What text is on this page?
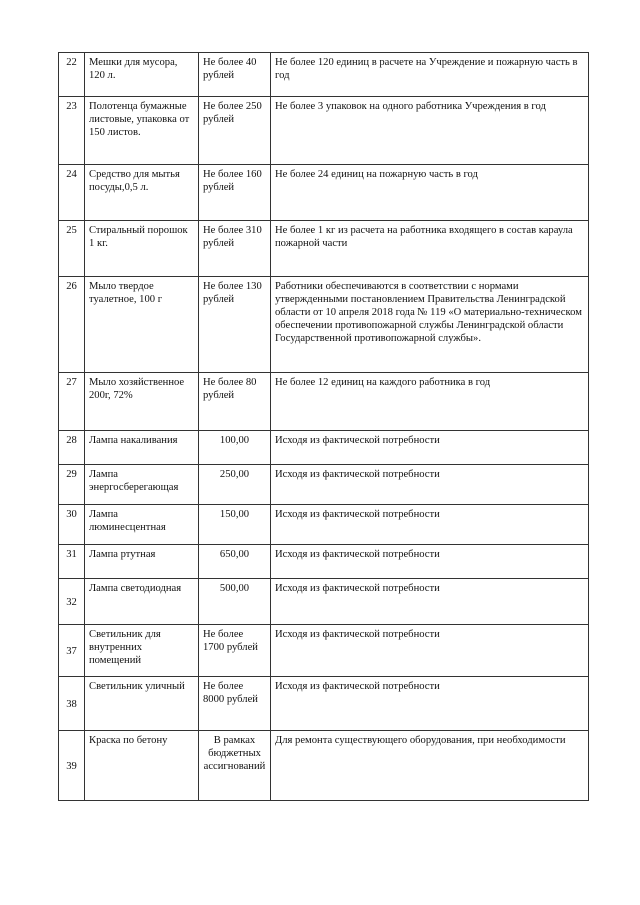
22	Мешки для мусора, 120 л.	Не более 40 рублей	Не более 120 единиц в расчете на Учреждение и пожарную часть в год
23	Полотенца бумажные листовые, упаковка от 150 листов.	Не более 250 рублей	Не более 3 упаковок на одного работника Учреждения в год
24	Средство для мытья посуды,0,5 л.	Не более 160 рублей	Не более 24 единиц на пожарную часть в год
25	Стиральный порошок 1 кг.	Не более 310 рублей	Не более 1 кг из расчета на работника входящего в состав караула пожарной части
26	Мыло твердое туалетное, 100 г	Не более 130 рублей	Работники обеспечиваются в соответствии с нормами утвержденными постановлением Правительства Ленинградской области от 10 апреля 2018 года № 119 «О материально-техническом обеспечении противопожарной службы Ленинградской области Государственной противопожарной службы».
27	Мыло хозяйственное 200г, 72%	Не более 80 рублей	Не более 12 единиц на каждого работника в год
28	Лампа накаливания	100,00	Исходя из фактической потребности
29	Лампа энергосберегающая	250,00	Исходя из фактической потребности
30	Лампа люминесцентная	150,00	Исходя из фактической потребности
31	Лампа ртутная	650,00	Исходя из фактической потребности
32	Лампа светодиодная	500,00	Исходя из фактической потребности
37	Светильник для внутренних помещений	Не более 1700 рублей	Исходя из фактической потребности
38	Светильник уличный	Не более 8000 рублей	Исходя из фактической потребности
39	Краска по бетону	В рамках бюджетных ассигнований	Для ремонта существующего оборудования, при необходимости
